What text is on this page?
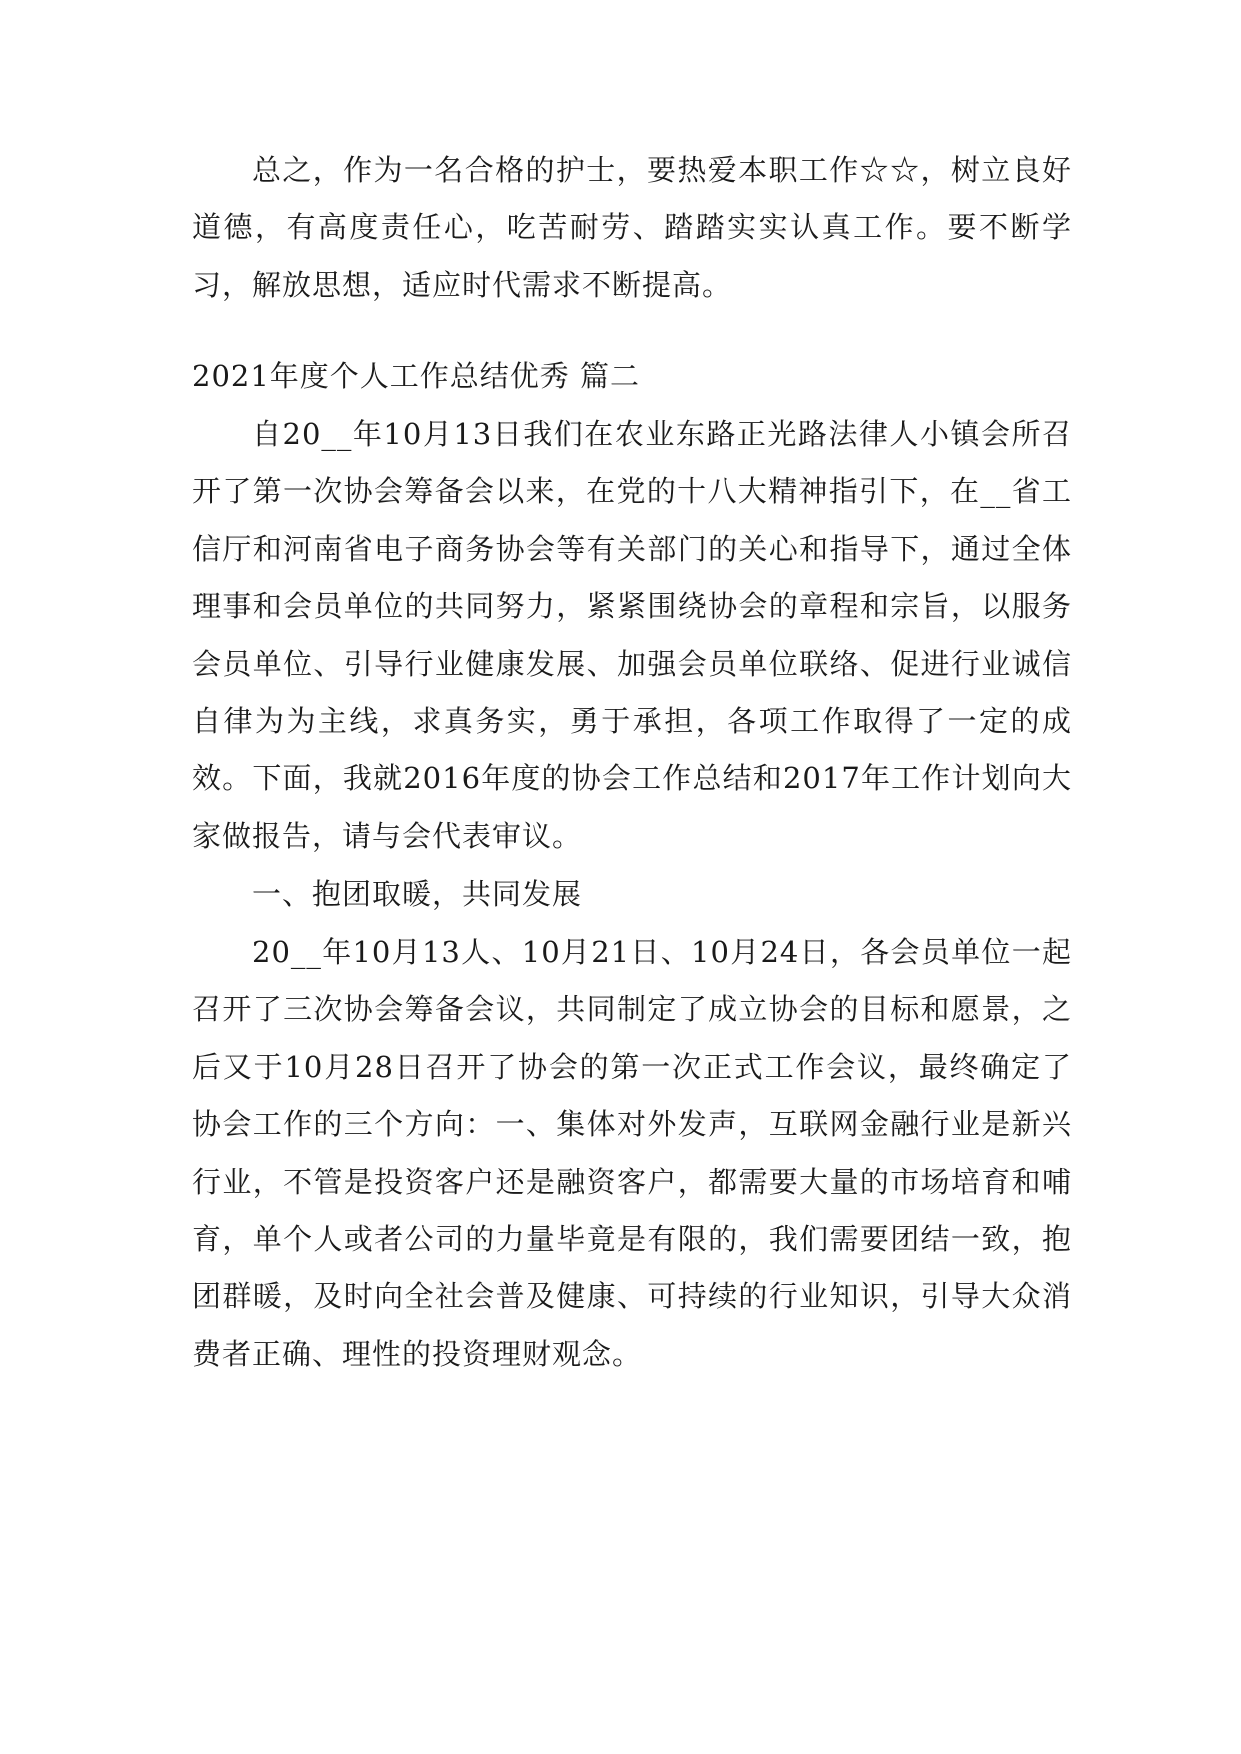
总之，作为一名合格的护士，要热爱本职工作☆☆，树立良好道德，有高度责任心，吃苦耐劳、踏踏实实认真工作。要不断学习，解放思想，适应时代需求不断提高。

2021年度个人工作总结优秀 篇二

自20__年10月13日我们在农业东路正光路法律人小镇会所召开了第一次协会筹备会以来，在党的十八大精神指引下，在__省工信厅和河南省电子商务协会等有关部门的关心和指导下，通过全体理事和会员单位的共同努力，紧紧围绕协会的章程和宗旨，以服务会员单位、引导行业健康发展、加强会员单位联络、促进行业诚信自律为为主线，求真务实，勇于承担，各项工作取得了一定的成效。下面，我就2016年度的协会工作总结和2017年工作计划向大家做报告，请与会代表审议。

一、抱团取暖，共同发展

20__年10月13人、10月21日、10月24日，各会员单位一起召开了三次协会筹备会议，共同制定了成立协会的目标和愿景，之后又于10月28日召开了协会的第一次正式工作会议，最终确定了协会工作的三个方向：一、集体对外发声，互联网金融行业是新兴行业，不管是投资客户还是融资客户，都需要大量的市场培育和哺育，单个人或者公司的力量毕竟是有限的，我们需要团结一致，抱团群暖，及时向全社会普及健康、可持续的行业知识，引导大众消费者正确、理性的投资理财观念。
